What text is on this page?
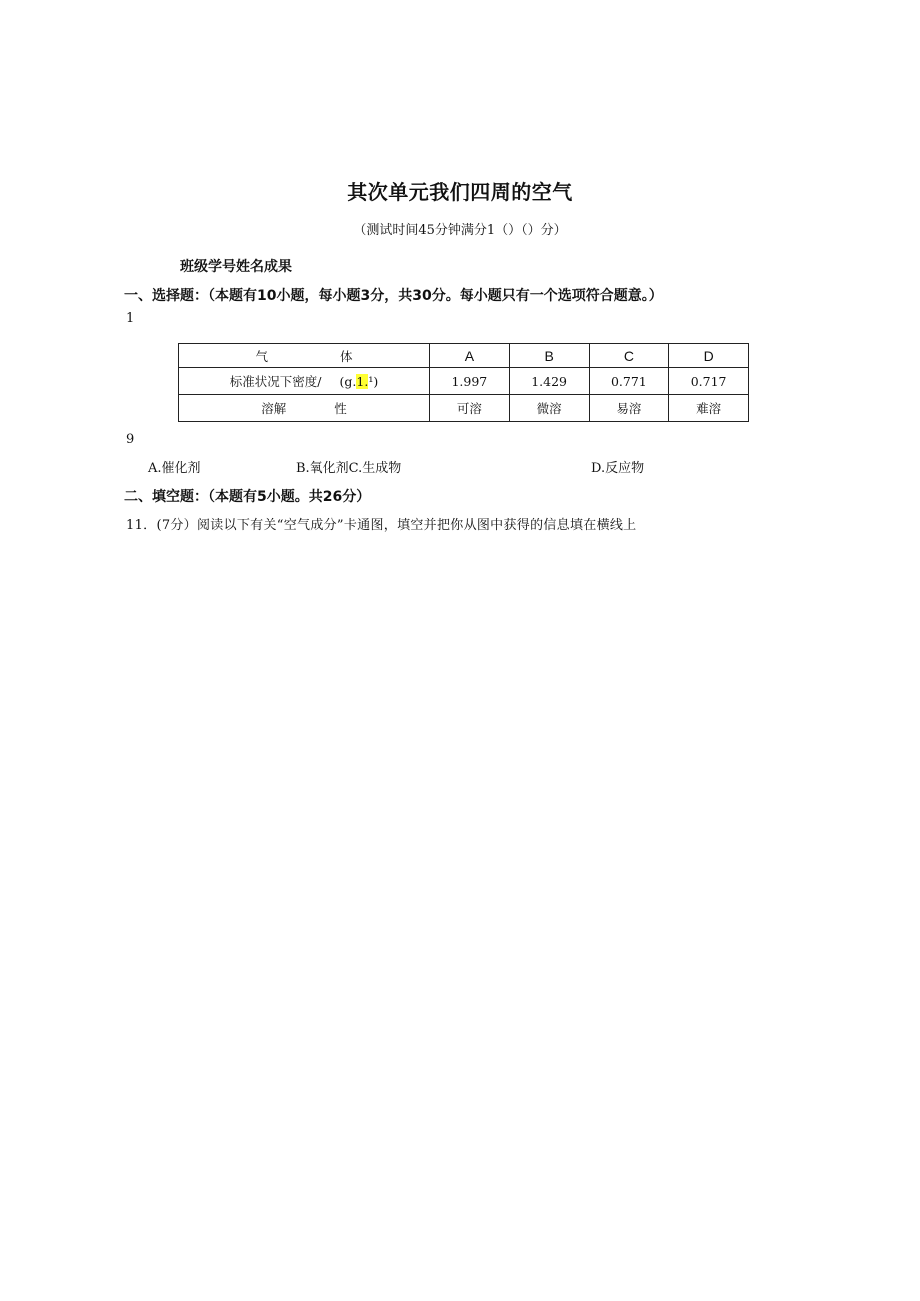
其次单元我们四周的空气
（测试时间45分钟满分1（）（）分）
班级学号姓名成果
一、选择题：（本题有10小题，每小题3分，共30分。每小题只有一个选项符合题意。）
1
气 体	A	B	C	D
标准状况下密度/ (g.1.¹)	1.997	1.429	0.771	0.717
溶解 性	可溶	微溶	易溶	难溶
9
A.催化剂	B.氧化剂C.生成物	D.反应物
二、填空题：（本题有5小题。共26分）
11．(7分）阅读以下有关“空气成分”卡通图，填空并把你从图中获得的信息填在横线上
